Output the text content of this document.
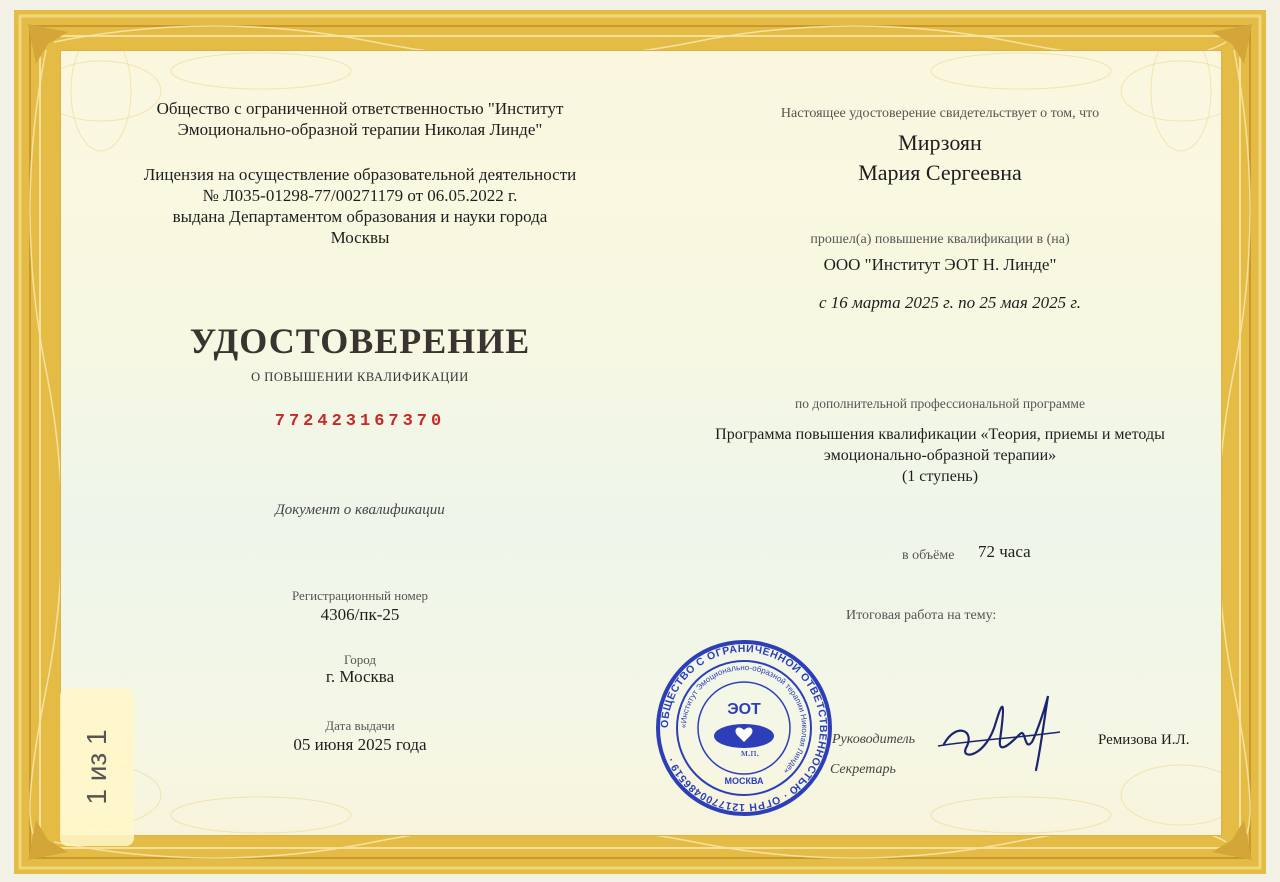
Общество с ограниченной ответственностью "Институт
Эмоционально-образной терапии Николая Линде"
Лицензия на осуществление образовательной деятельности
№ Л035-01298-77/00271179 от 06.05.2022 г.
выдана Департаментом образования и науки города
Москвы
УДОСТОВЕРЕНИЕ
О ПОВЫШЕНИИ КВАЛИФИКАЦИИ
772423167370
Документ о квалификации
Регистрационный номер
4306/пк-25
Город
г. Москва
Дата выдачи
05 июня 2025 года
Настоящее удостоверение свидетельствует о том, что
Мирзоян
Мария Сергеевна
прошел(а) повышение квалификации в (на)
ООО "Институт ЭОТ Н. Линде"
с 16 марта 2025 г. по 25 мая 2025 г.
по дополнительной профессиональной программе
Программа повышения квалификации «Теория, приемы и методы
эмоционально-образной терапии»
(1 ступень)
в объёме 72 часа
Итоговая работа на тему:
Руководитель	Ремизова И.Л.
Секретарь
ОБЩЕСТВО С ОГРАНИЧЕННОЙ ОТВЕТСТВЕННОСТЬЮ · ОГРН 1217700486519 ·
«Институт Эмоционально-образной терапии Николая Линде»
ЭОТ
м.п.
МОСКВА
1 из 1
